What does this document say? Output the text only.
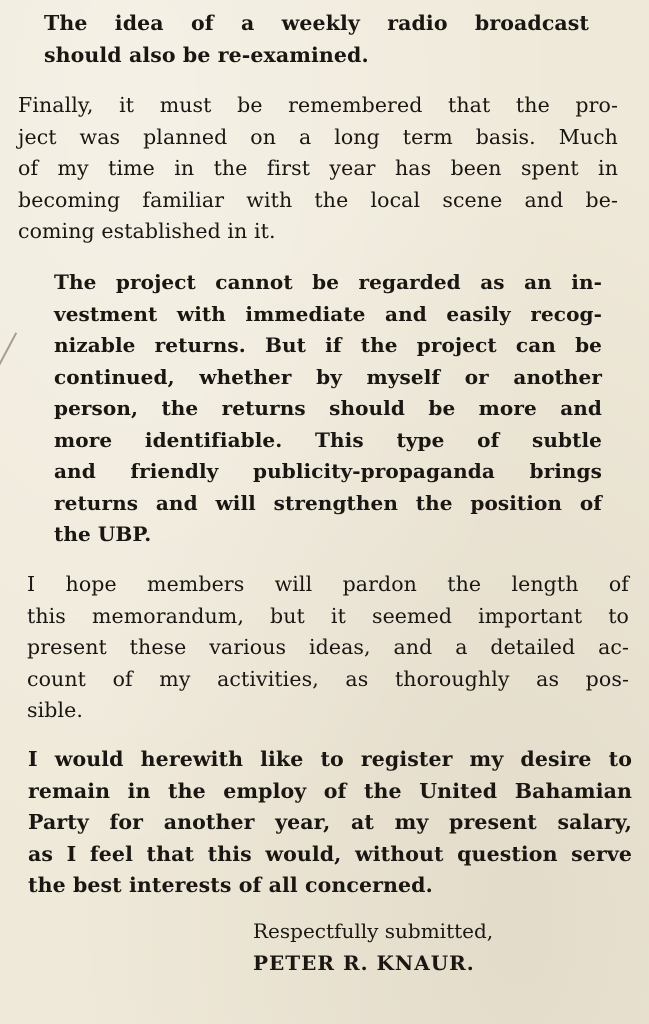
The idea of a weekly radio broadcast
should also be re-examined.

Finally, it must be remembered that the pro-
ject was planned on a long term basis. Much
of my time in the first year has been spent in
becoming familiar with the local scene and be-
coming established in it.

The project cannot be regarded as an in-
vestment with immediate and easily recog-
nizable returns. But if the project can be
continued, whether by myself or another
person, the returns should be more and
more identifiable. This type of subtle
and friendly publicity-propaganda brings
returns and will strengthen the position of
the UBP.

I hope members will pardon the length of
this memorandum, but it seemed important to
present these various ideas, and a detailed ac-
count of my activities, as thoroughly as pos-
sible.

I would herewith like to register my desire to
remain in the employ of the United Bahamian
Party for another year, at my present salary,
as I feel that this would, without question serve
the best interests of all concerned.

Respectfully submitted,
PETER R. KNAUR.
